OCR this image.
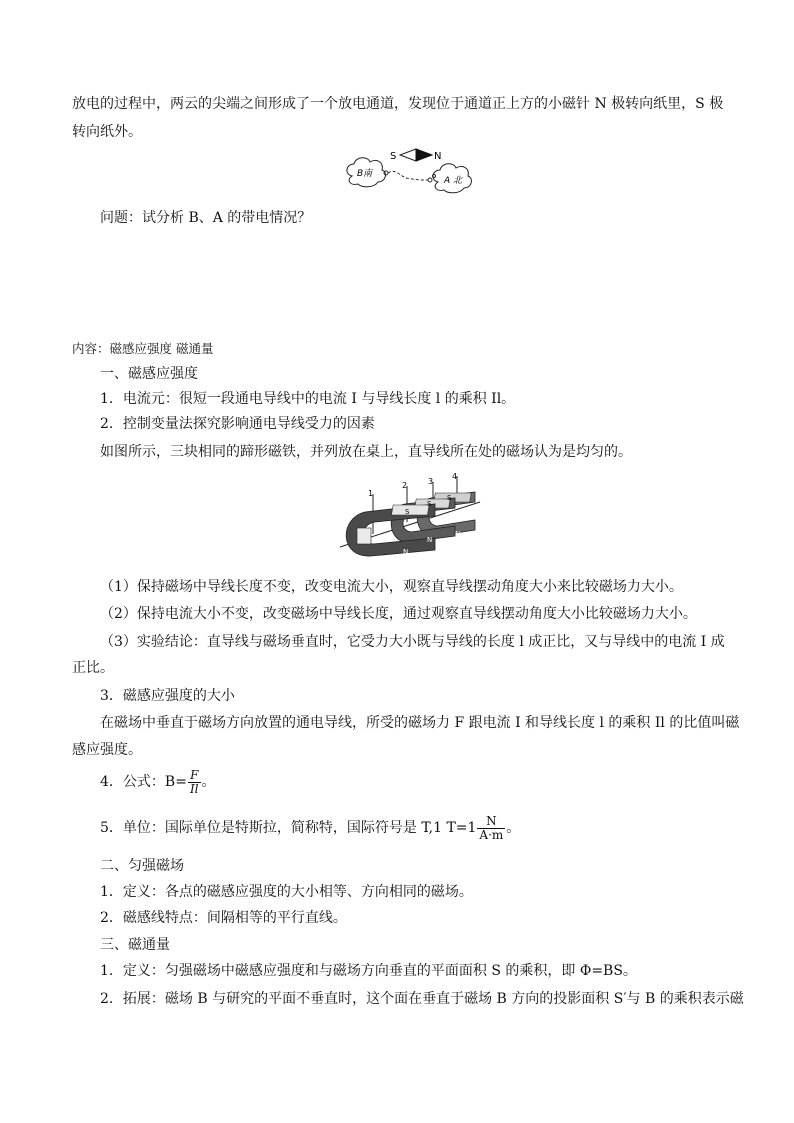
放电的过程中，两云的尖端之间形成了一个放电通道，发现位于通道正上方的小磁针 N 极转向纸里，S 极
转向纸外。
S	N
B南
A 北
问题：试分析 B、A 的带电情况？
内容：磁感应强度 磁通量
一、磁感应强度
1．电流元：很短一段通电导线中的电流 I 与导线长度 l 的乘积 Il。
2．控制变量法探究影响通电导线受力的因素
如图所示，三块相同的蹄形磁铁，并列放在桌上，直导线所在处的磁场认为是均匀的。
1
2	3
4
S
S
S
N
N
N
（1）保持磁场中导线长度不变，改变电流大小，观察直导线摆动角度大小来比较磁场力大小。
（2）保持电流大小不变，改变磁场中导线长度，通过观察直导线摆动角度大小比较磁场力大小。
（3）实验结论：直导线与磁场垂直时，它受力大小既与导线的长度 l 成正比，又与导线中的电流 I 成
正比。
3．磁感应强度的大小
在磁场中垂直于磁场方向放置的通电导线，所受的磁场力 F 跟电流 I 和导线长度 l 的乘积 Il 的比值叫磁
感应强度。
4．公式：$B= \frac{F}{Il}$ 。
5．单位：国际单位是特斯拉，简称特，国际符号是 T,1 $T=1 \frac{N}{A\cdot m}$ 。
二、匀强磁场
1．定义：各点的磁感应强度的大小相等、方向相同的磁场。
2．磁感线特点：间隔相等的平行直线。
三、磁通量
1．定义：匀强磁场中磁感应强度和与磁场方向垂直的平面面积 S 的乘积，即 Φ=BS。
2．拓展：磁场 B 与研究的平面不垂直时，这个面在垂直于磁场 B 方向的投影面积 S′与 B 的乘积表示磁
